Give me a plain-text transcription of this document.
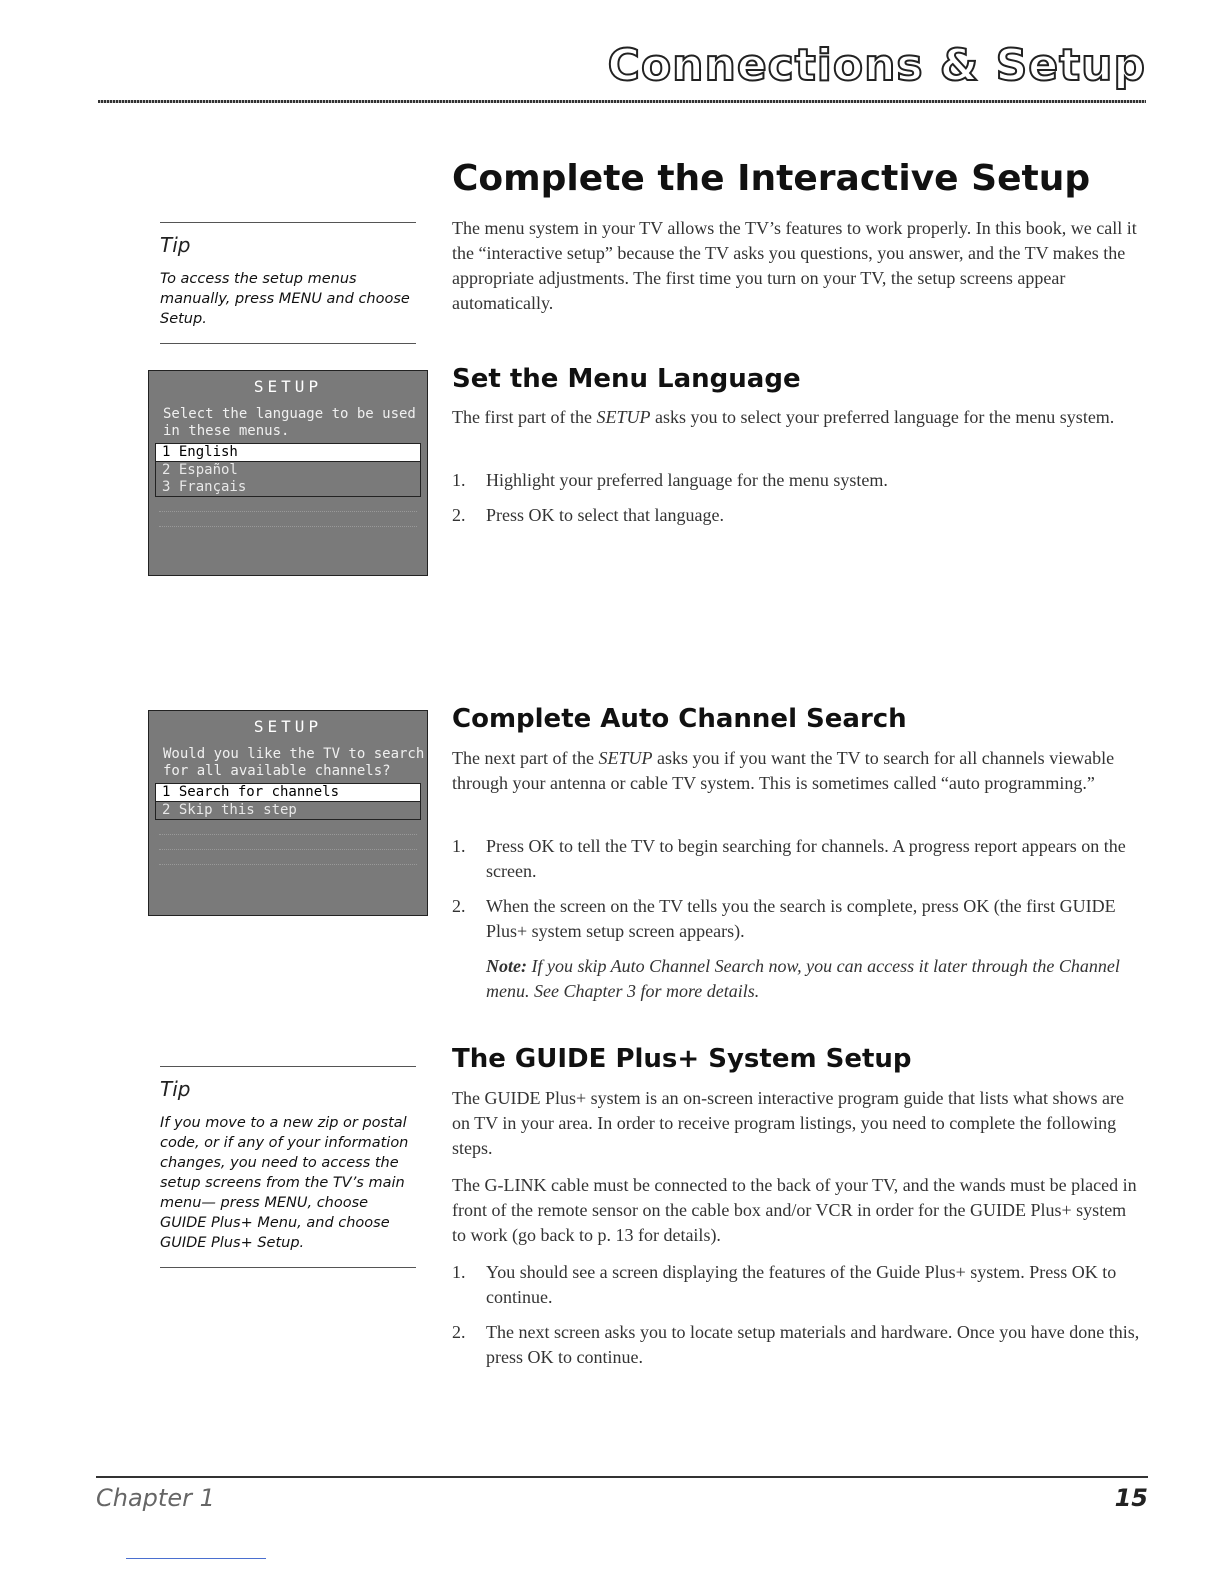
Connections & Setup
Complete the Interactive Setup

The menu system in your TV allows the TV’s features to work properly. In this book, we call it the “interactive setup” because the TV asks you questions, you answer, and the TV makes the appropriate adjustments. The first time you turn on your TV, the setup screens appear automatically.

Tip

To access the setup menus manually, press MENU and choose Setup.

SETUP
Select the language to be used
in these menus.
1 English
2 Español
3 Français
Set the Menu Language

The first part of the SETUP asks you to select your preferred language for the menu system.

1. Highlight your preferred language for the menu system.
2. Press OK to select that language.
SETUP
Would you like the TV to search
for all available channels?
1 Search for channels
2 Skip this step
Complete Auto Channel Search

The next part of the SETUP asks you if you want the TV to search for all channels viewable through your antenna or cable TV system. This is sometimes called “auto programming.”

1. Press OK to tell the TV to begin searching for channels. A progress report appears on the screen.
2. When the screen on the TV tells you the search is complete, press OK (the first GUIDE Plus+ system setup screen appears).

Note: If you skip Auto Channel Search now, you can access it later through the Channel menu. See Chapter 3 for more details.

Tip

If you move to a new zip or postal code, or if any of your information changes, you need to access the setup screens from the TV’s main menu— press MENU, choose GUIDE Plus+ Menu, and choose GUIDE Plus+ Setup.

The GUIDE Plus+ System Setup

The GUIDE Plus+ system is an on-screen interactive program guide that lists what shows are on TV in your area. In order to receive program listings, you need to complete the following steps.

The G-LINK cable must be connected to the back of your TV, and the wands must be placed in front of the remote sensor on the cable box and/or VCR in order for the GUIDE Plus+ system to work (go back to p. 13 for details).

1. You should see a screen displaying the features of the Guide Plus+ system. Press OK to continue.
2. The next screen asks you to locate setup materials and hardware. Once you have done this, press OK to continue.
Chapter 1	15
